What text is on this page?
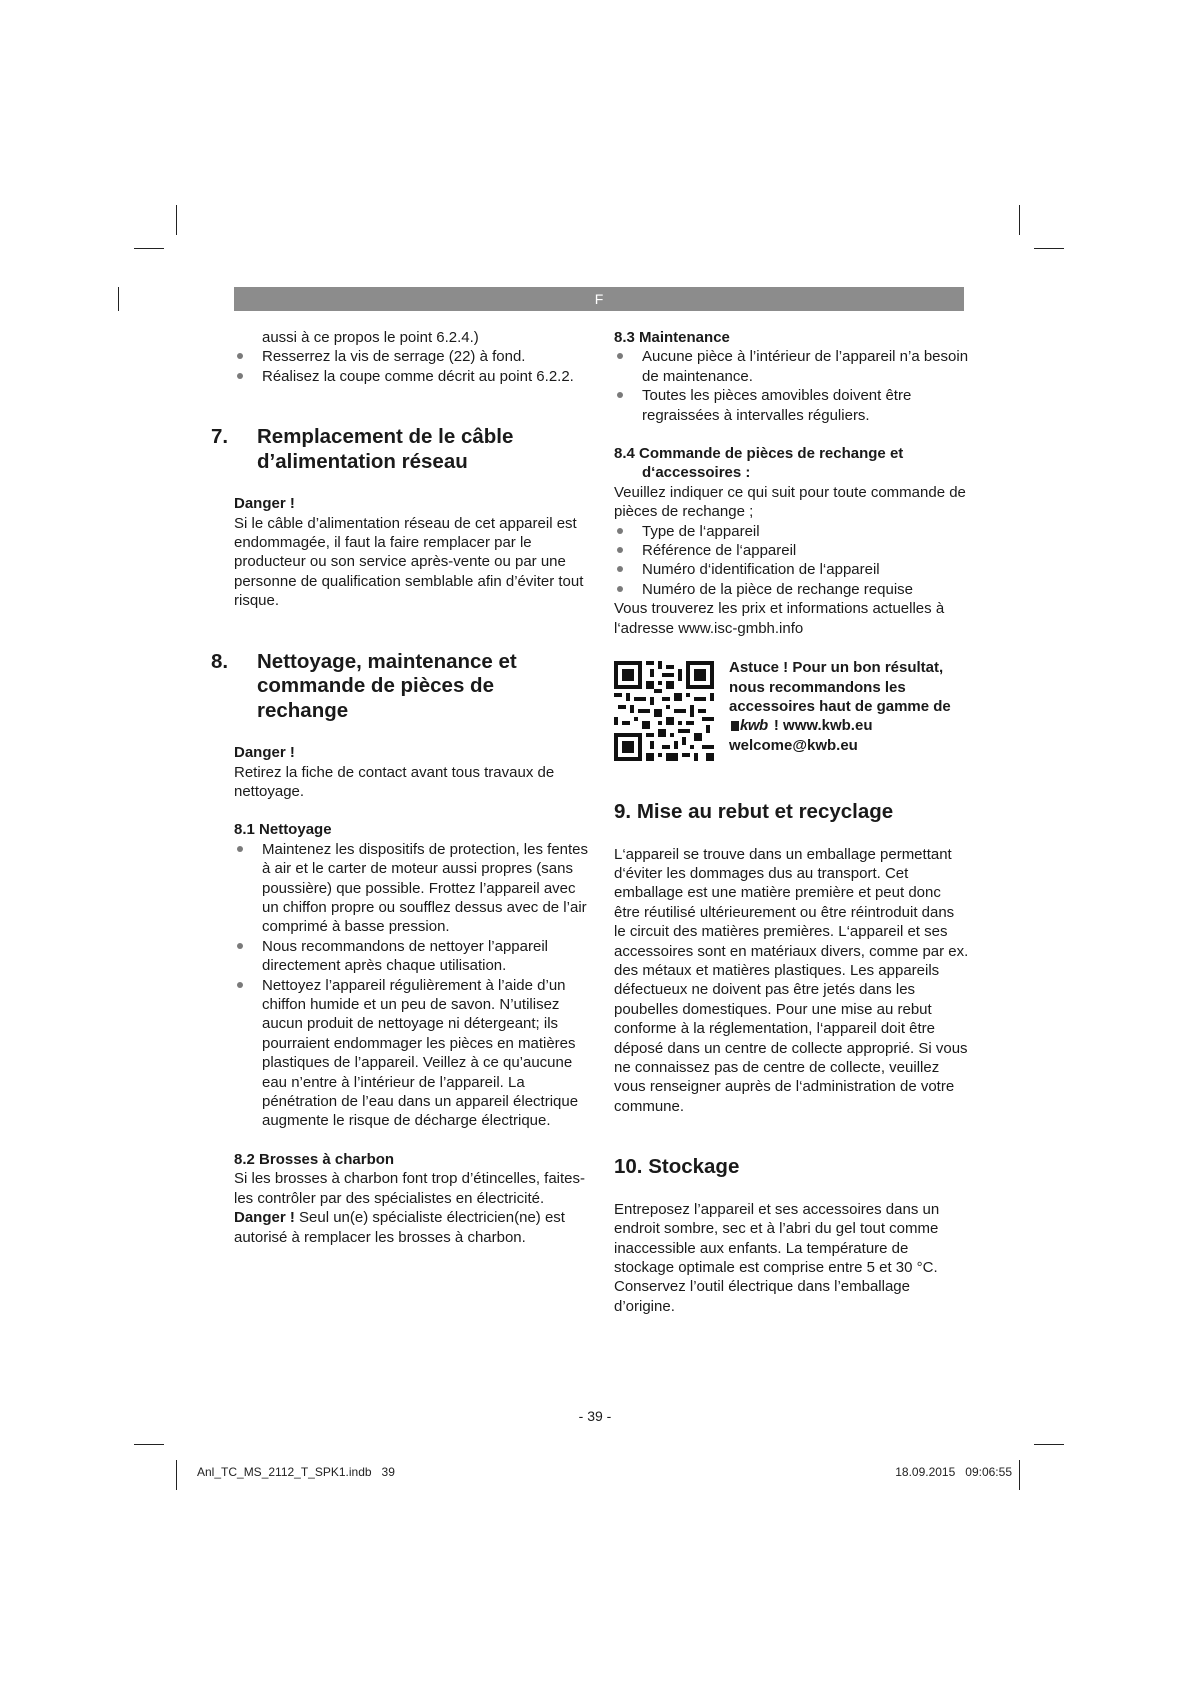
F

aussi à ce propos le point 6.2.4.)

Resserrez la vis de serrage (22) à fond.
Réalisez la coupe comme décrit au point 6.2.2.
7. Remplacement de le câble d’alimentation réseau

Danger !

Si le câble d’alimentation réseau de cet appareil est endommagée, il faut la faire remplacer par le producteur ou son service après-vente ou par une personne de qualification semblable afin d’éviter tout risque.

8. Nettoyage, maintenance et commande de pièces de rechange

Danger !

Retirez la fiche de contact avant tous travaux de nettoyage.

8.1 Nettoyage

Maintenez les dispositifs de protection, les fentes à air et le carter de moteur aussi propres (sans poussière) que possible. Frottez l’appareil avec un chiffon propre ou soufflez dessus avec de l’air comprimé à basse pression.
Nous recommandons de nettoyer l’appareil directement après chaque utilisation.
Nettoyez l’appareil régulièrement à l’aide d’un chiffon humide et un peu de savon. N’utilisez aucun produit de nettoyage ni détergeant; ils pourraient endommager les pièces en matières plastiques de l’appareil. Veillez à ce qu’aucune eau n’entre à l’intérieur de l’appareil. La pénétration de l’eau dans un appareil électrique augmente le risque de décharge électrique.

8.2 Brosses à charbon

Si les brosses à charbon font trop d’étincelles, faites-les contrôler par des spécialistes en électricité.

Danger ! Seul un(e) spécialiste électricien(ne) est autorisé à remplacer les brosses à charbon.

8.3 Maintenance

Aucune pièce à l’intérieur de l’appareil n’a besoin de maintenance.
Toutes les pièces amovibles doivent être regraissées à intervalles réguliers.

8.4 Commande de pièces de rechange et

d‘accessoires :

Veuillez indiquer ce qui suit pour toute commande de pièces de rechange ;

Type de l‘appareil
Référence de l‘appareil
Numéro d‘identification de l‘appareil
Numéro de la pièce de rechange requise

Vous trouverez les prix et informations actuelles à l‘adresse www.isc-gmbh.info

Astuce ! Pour un bon résultat, nous recommandons les accessoires haut de gamme de kwb ! www.kwb.eu welcome@kwb.eu
9. Mise au rebut et recyclage

L‘appareil se trouve dans un emballage permettant d‘éviter les dommages dus au transport. Cet emballage est une matière première et peut donc être réutilisé ultérieurement ou être réintroduit dans le circuit des matières premières. L‘appareil et ses accessoires sont en matériaux divers, comme par ex. des métaux et matières plastiques. Les appareils défectueux ne doivent pas être jetés dans les poubelles domestiques. Pour une mise au rebut conforme à la réglementation, l‘appareil doit être déposé dans un centre de collecte approprié. Si vous ne connaissez pas de centre de collecte, veuillez vous renseigner auprès de l‘administration de votre commune.

10. Stockage

Entreposez l’appareil et ses accessoires dans un endroit sombre, sec et à l’abri du gel tout comme inaccessible aux enfants. La température de stockage optimale est comprise entre 5 et 30 °C. Conservez l’outil électrique dans l’emballage d’origine.

- 39 -
Anl_TC_MS_2112_T_SPK1.indb   39	18.09.2015   09:06:55
